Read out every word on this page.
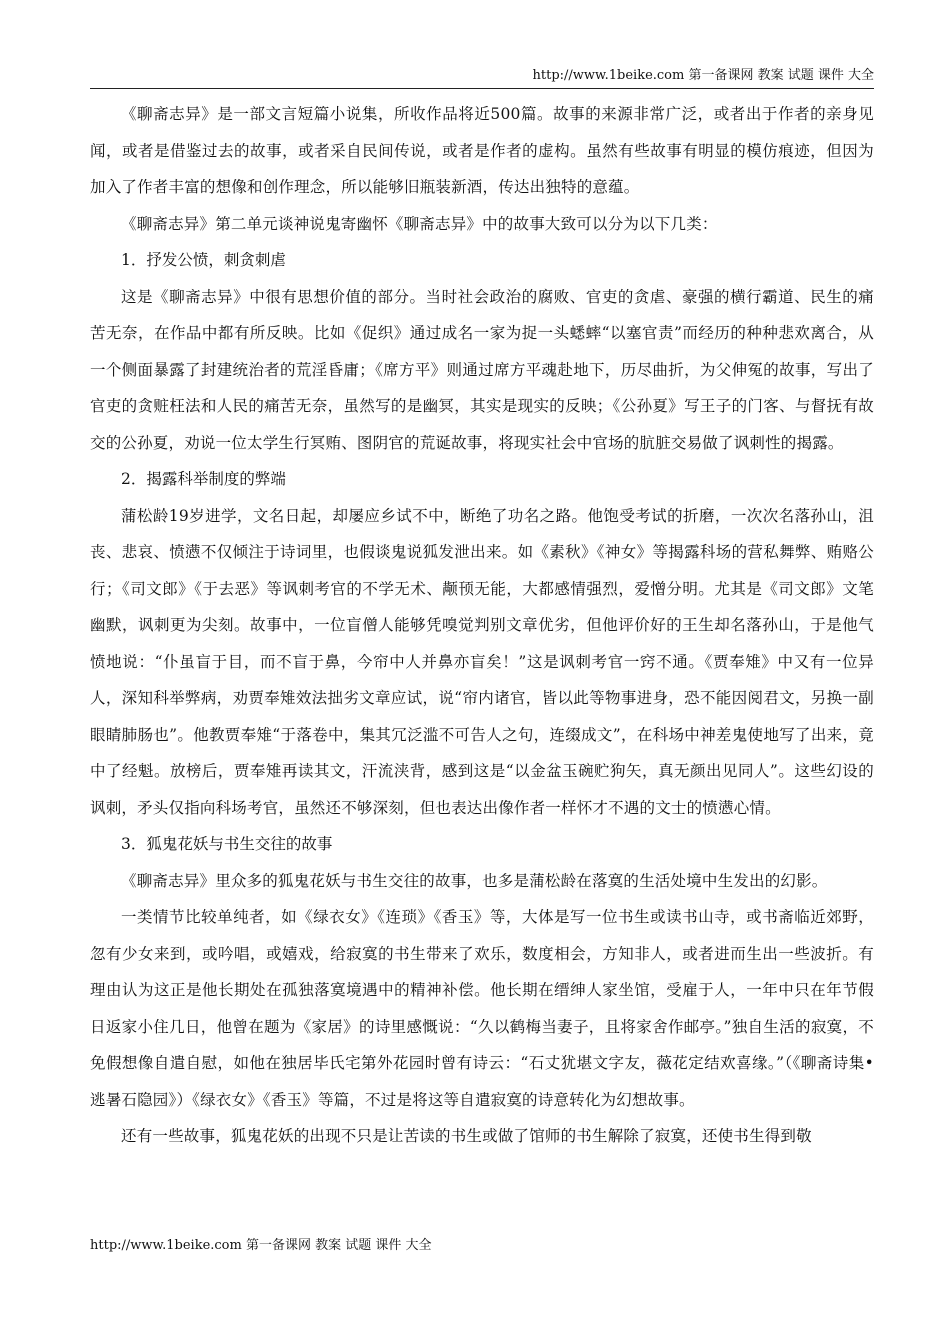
http://www.1beike.com 第一备课网 教案 试题 课件 大全

《聊斋志异》是一部文言短篇小说集，所收作品将近500篇。故事的来源非常广泛，或者出于作者的亲身见闻，或者是借鉴过去的故事，或者采自民间传说，或者是作者的虚构。虽然有些故事有明显的模仿痕迹，但因为加入了作者丰富的想像和创作理念，所以能够旧瓶装新酒，传达出独特的意蕴。

《聊斋志异》第二单元谈神说鬼寄幽怀《聊斋志异》中的故事大致可以分为以下几类：

1．抒发公愤，刺贪刺虐

这是《聊斋志异》中很有思想价值的部分。当时社会政治的腐败、官吏的贪虐、豪强的横行霸道、民生的痛苦无奈，在作品中都有所反映。比如《促织》通过成名一家为捉一头蟋蟀“以塞官责”而经历的种种悲欢离合，从一个侧面暴露了封建统治者的荒淫昏庸；《席方平》则通过席方平魂赴地下，历尽曲折，为父伸冤的故事，写出了官吏的贪赃枉法和人民的痛苦无奈，虽然写的是幽冥，其实是现实的反映；《公孙夏》写王子的门客、与督抚有故交的公孙夏，劝说一位太学生行冥贿、图阴官的荒诞故事，将现实社会中官场的肮脏交易做了讽刺性的揭露。

2．揭露科举制度的弊端

蒲松龄19岁进学，文名日起，却屡应乡试不中，断绝了功名之路。他饱受考试的折磨，一次次名落孙山，沮丧、悲哀、愤懑不仅倾注于诗词里，也假谈鬼说狐发泄出来。如《素秋》《神女》等揭露科场的营私舞弊、贿赂公行；《司文郎》《于去恶》等讽刺考官的不学无术、颟顸无能，大都感情强烈，爱憎分明。尤其是《司文郎》文笔幽默，讽刺更为尖刻。故事中，一位盲僧人能够凭嗅觉判别文章优劣，但他评价好的王生却名落孙山，于是他气愤地说：“仆虽盲于目，而不盲于鼻，今帘中人并鼻亦盲矣！”这是讽刺考官一窍不通。《贾奉雉》中又有一位异人，深知科举弊病，劝贾奉雉效法拙劣文章应试，说“帘内诸官，皆以此等物事进身，恐不能因阅君文，另换一副眼睛肺肠也”。他教贾奉雉“于落卷中，集其冗泛滥不可告人之句，连缀成文”，在科场中神差鬼使地写了出来，竟中了经魁。放榜后，贾奉雉再读其文，汗流浃背，感到这是“以金盆玉碗贮狗矢，真无颜出见同人”。这些幻设的讽刺，矛头仅指向科场考官，虽然还不够深刻，但也表达出像作者一样怀才不遇的文士的愤懑心情。

3．狐鬼花妖与书生交往的故事

《聊斋志异》里众多的狐鬼花妖与书生交往的故事，也多是蒲松龄在落寞的生活处境中生发出的幻影。

一类情节比较单纯者，如《绿衣女》《连琐》《香玉》等，大体是写一位书生或读书山寺，或书斋临近郊野，忽有少女来到，或吟唱，或嬉戏，给寂寞的书生带来了欢乐，数度相会，方知非人，或者进而生出一些波折。有理由认为这正是他长期处在孤独落寞境遇中的精神补偿。他长期在缙绅人家坐馆，受雇于人，一年中只在年节假日返家小住几日，他曾在题为《家居》的诗里感慨说：“久以鹤梅当妻子，且将家舍作邮亭。”独自生活的寂寞，不免假想像自遣自慰，如他在独居毕氏宅第外花园时曾有诗云：“石丈犹堪文字友，薇花定结欢喜缘。”（《聊斋诗集•逃暑石隐园》）《绿衣女》《香玉》等篇，不过是将这等自遣寂寞的诗意转化为幻想故事。

还有一些故事，狐鬼花妖的出现不只是让苦读的书生或做了馆师的书生解除了寂寞，还使书生得到敬

http://www.1beike.com 第一备课网 教案 试题 课件 大全
